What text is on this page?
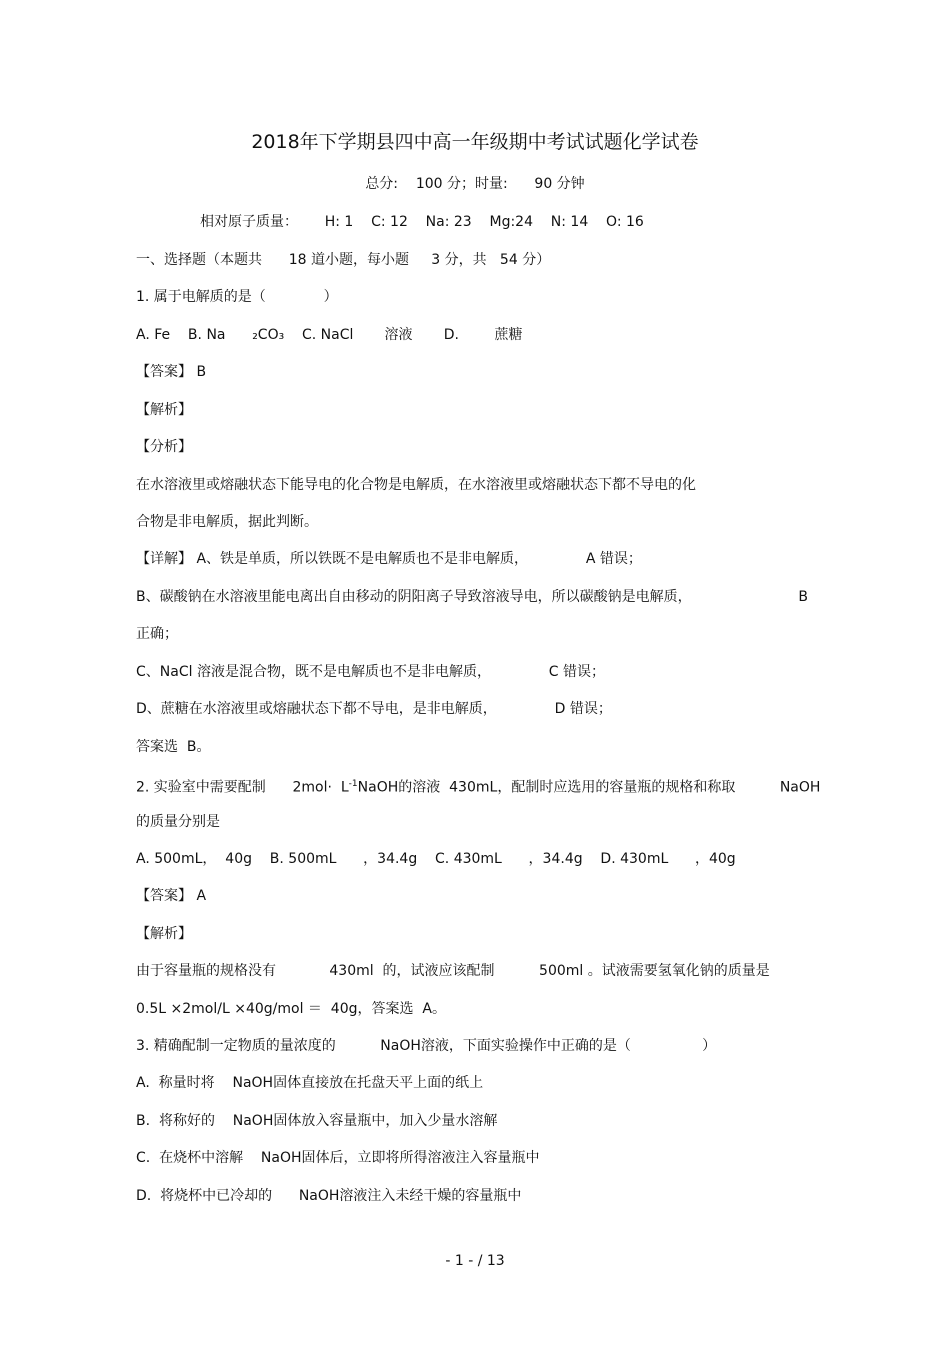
2018年下学期县四中高一年级期中考试试题化学试卷
总分:    100 分；时量:      90 分钟
相对原子质量：      H: 1    C: 12    Na: 23    Mg:24    N: 14    O: 16
一、选择题（本题共      18 道小题，每小题     3 分，共   54 分）
1. 属于电解质的是（             ）
A. Fe    B. Na      ₂CO₃    C. NaCl       溶液       D.        蔗糖
【答案】 B
【解析】
【分析】
在水溶液里或熔融状态下能导电的化合物是电解质，在水溶液里或熔融状态下都不导电的化
合物是非电解质，据此判断。
【详解】 A、铁是单质，所以铁既不是电解质也不是非电解质，             A 错误；
B、碳酸钠在水溶液里能电离出自由移动的阴阳离子导致溶液导电，所以碳酸钠是电解质，                        B
正确；
C、NaCl 溶液是混合物，既不是电解质也不是非电解质，             C 错误；
D、蔗糖在水溶液里或熔融状态下都不导电，是非电解质，             D 错误；
答案选  B。
2. 实验室中需要配制      $2mol\cdot L^{-1}NaOH$的溶液  430mL，配制时应选用的容量瓶的规格和称取          NaOH
的质量分别是
A. 500mL，  40g    B. 500mL      ，34.4g    C. 430mL      ，34.4g    D. 430mL      ，40g
【答案】 A
【解析】
由于容量瓶的规格没有            430ml  的，试液应该配制          500ml 。试液需要氢氧化钠的质量是
0.5L ×2mol/L ×40g/mol ＝  40g，答案选  A。
3. 精确配制一定物质的量浓度的          NaOH溶液，下面实验操作中正确的是（                ）
A.  称量时将    NaOH固体直接放在托盘天平上面的纸上
B.  将称好的    NaOH固体放入容量瓶中，加入少量水溶解
C.  在烧杯中溶解    NaOH固体后，立即将所得溶液注入容量瓶中
D.  将烧杯中已冷却的      NaOH溶液注入未经干燥的容量瓶中
- 1 - / 13
